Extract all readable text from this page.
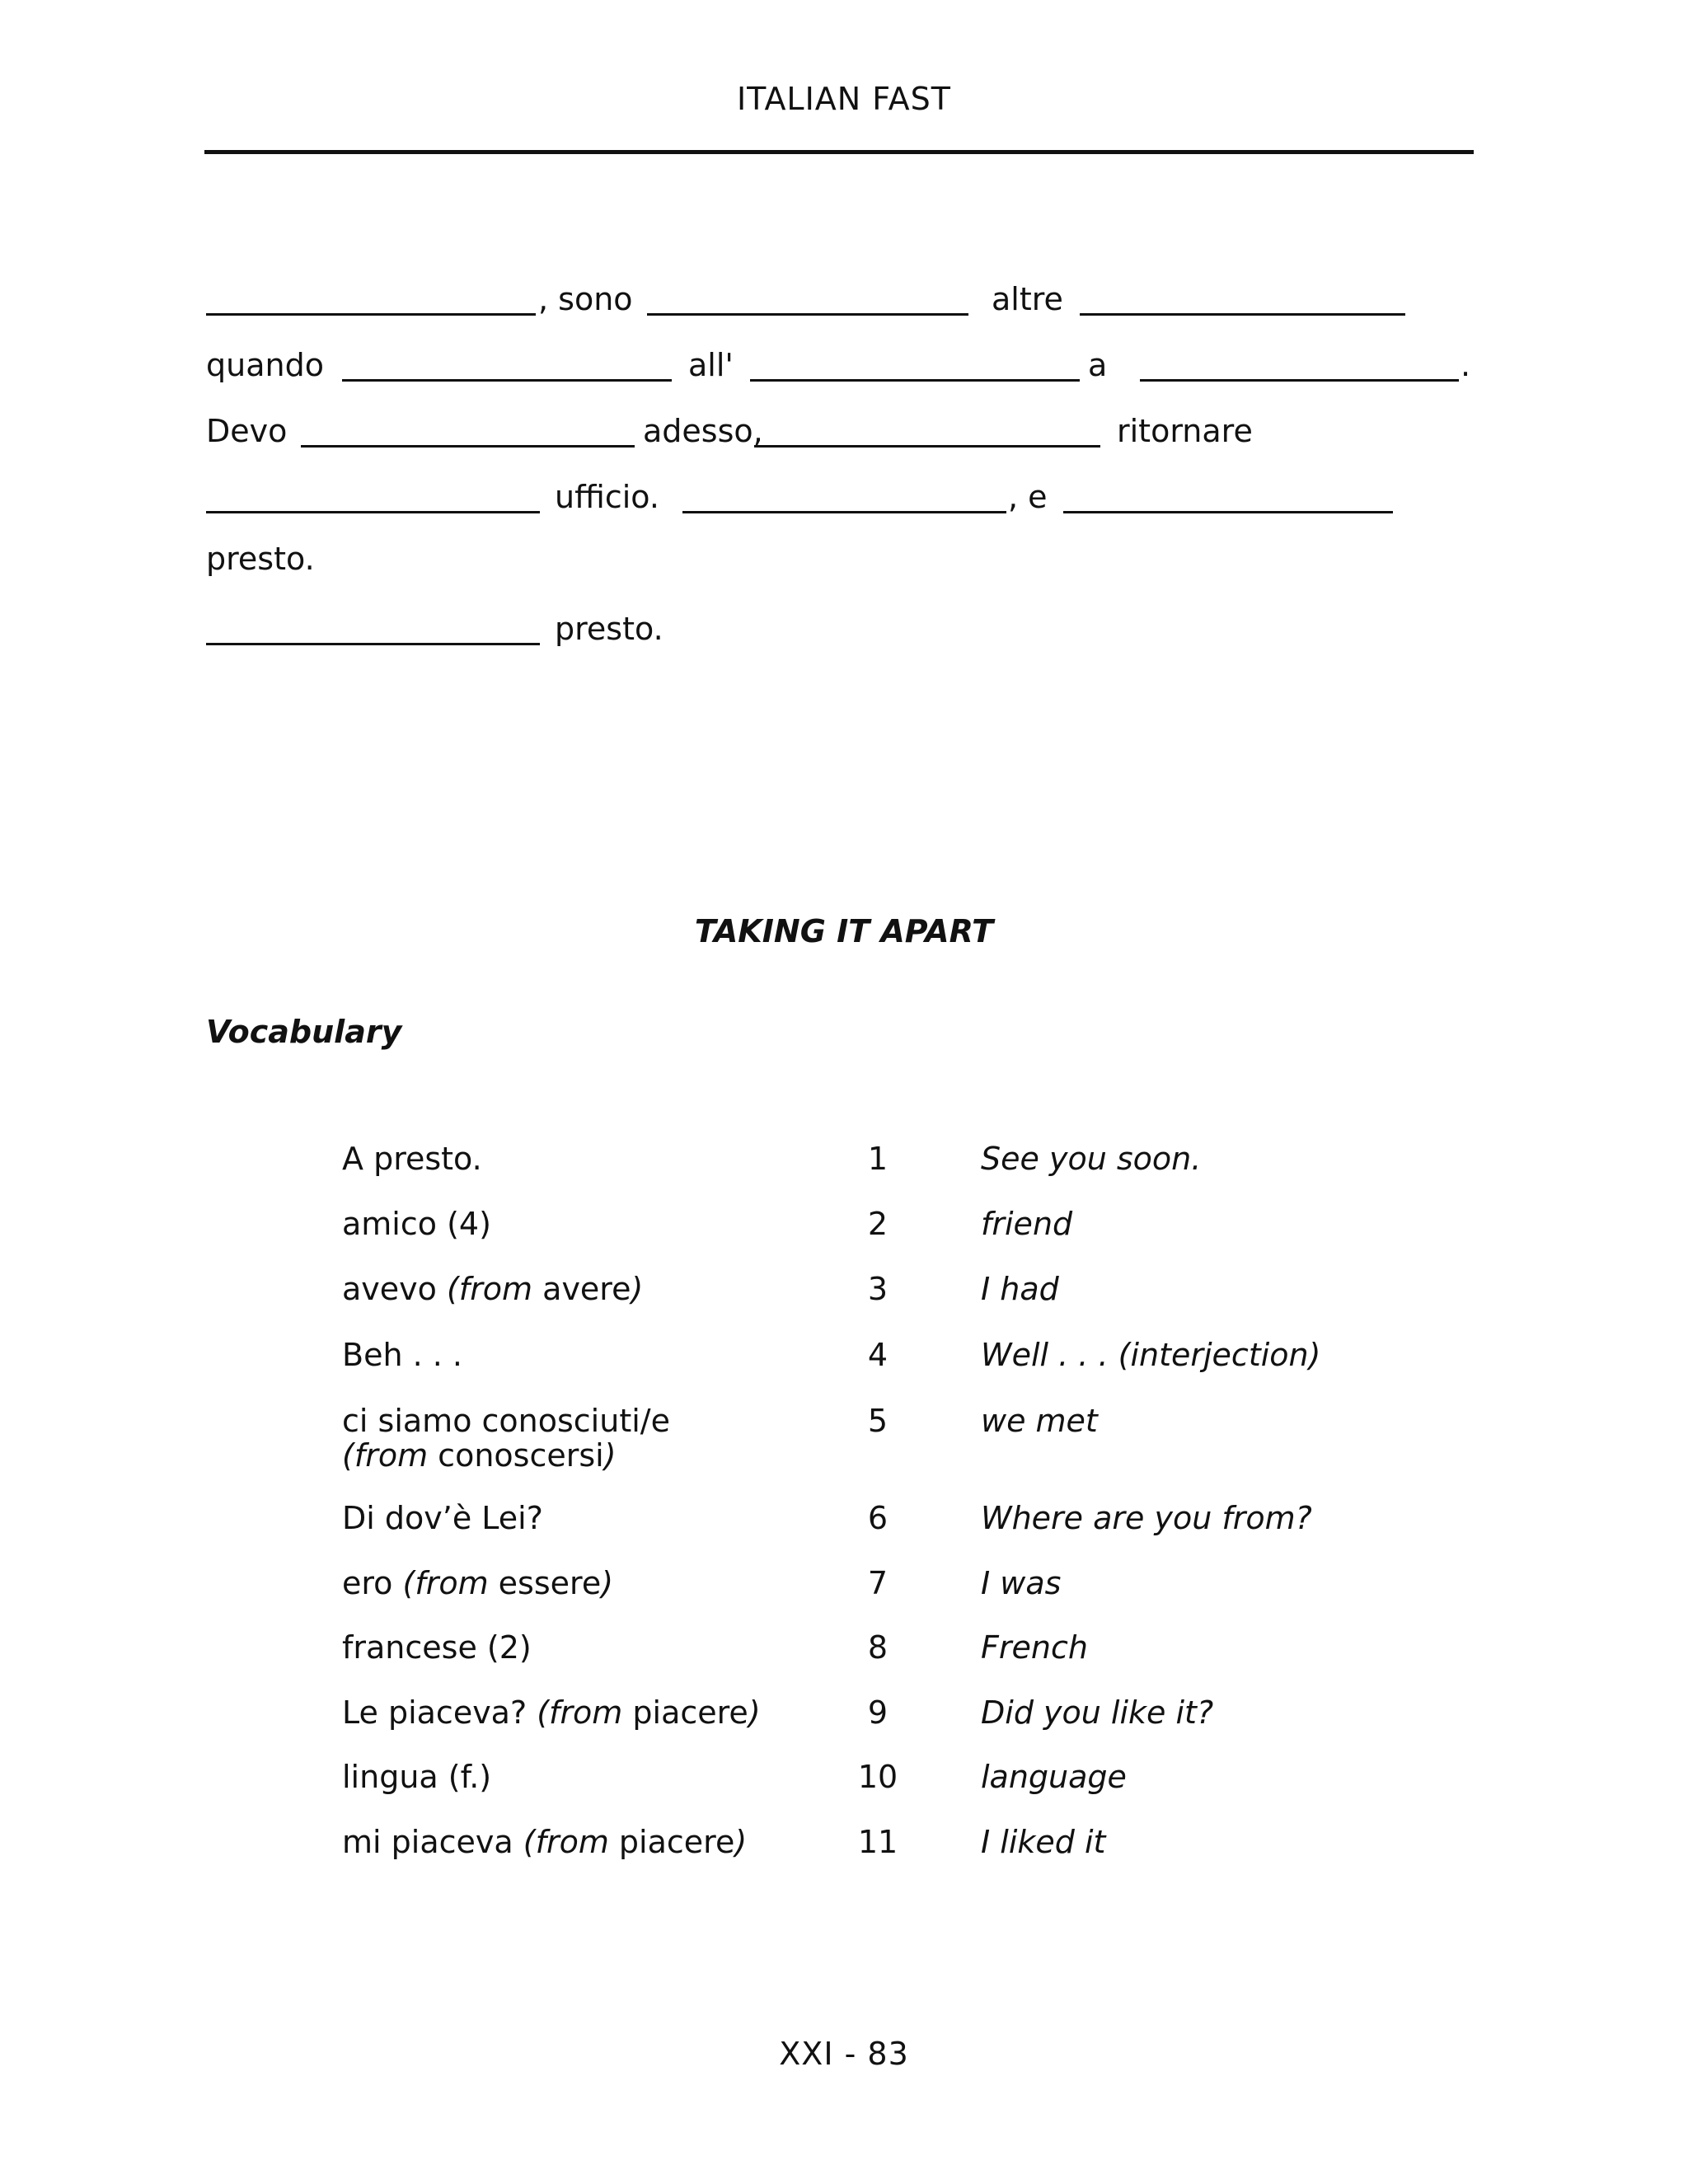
ITALIAN FAST
, sono	altre
quando	all'	a	.
Devo	adesso,	ritornare
ufficio.	, e
presto.
presto.
TAKING IT APART
Vocabulary
A presto.	1	See you soon.
amico (4)	2	friend
avevo (from avere)	3	I had
Beh . . .	4	Well . . . (interjection)
ci siamo conosciuti/e
(from conoscersi)
5	we met
Di dov’è Lei?	6	Where are you from?
ero (from essere)	7	I was
francese (2)	8	French
Le piaceva? (from piacere)	9	Did you like it?
lingua (f.)	10	language
mi piaceva (from piacere)	11	I liked it
XXI - 83
